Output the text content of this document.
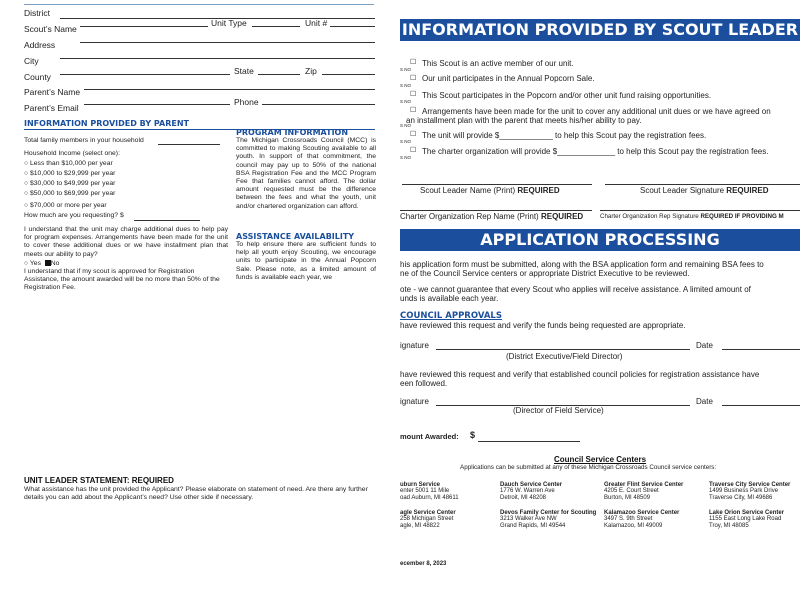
District
Scout’s Name
Unit Type	Unit #
Address
City
County
State	Zip
Parent’s Name
Parent’s Email
Phone
INFORMATION PROVIDED BY PARENT
Total family members in your household
Household Income (select one):
○ Less than $10,000 per year
○ $10,000 to $29,999 per year
○ $30,000 to $49,999 per year
○ $50,000 to $69,999 per year
○ $70,000 or more per year
How much are you requesting? $
I understand that the unit may charge additional dues to help pay for program expenses. Arrangements have been made for the unit to cover these additional dues or we have installment plan that meets our ability to pay?
○ Yes No
I understand that if my scout is approved for Registration Assistance, the amount awarded will be no more than 50% of the Registration Fee.
PROGRAM INFORMATION
The Michigan Crossroads Council (MCC) is committed to making Scouting available to all youth. In support of that commitment, the council may pay up to 50% of the national BSA Registration Fee and the MCC Program Fee that families cannot afford. The dollar amount requested must be the difference between the fees and what the youth, unit and/or chartered organization can afford.
ASSISTANCE AVAILABILITY
To help ensure there are sufficient funds to help all youth enjoy Scouting, we encourage units to participate in the Annual Popcorn Sale. Please note, as a limited amount of funds is available each year, we
UNIT LEADER STATEMENT: REQUIRED
What assistance has the unit provided the Applicant? Please elaborate on statement of need. Are there any further details you can add about the Applicant’s need? Use other side if necessary.
INFORMATION PROVIDED BY SCOUT LEADER
☐
S NO
This Scout is an active member of our unit.
☐
S NO
Our unit participates in the Annual Popcorn Sale.
☐
S NO
This Scout participates in the Popcorn and/or other unit fund raising opportunities.
☐
S NO
Arrangements have been made for the unit to cover any additional unit dues or we have agreed on
an installment plan with the parent that meets his/her ability to pay.
☐
S NO
The unit will provide $____________ to help this Scout pay the registration fees.
☐
S NO
The charter organization will provide $_____________ to help this Scout pay the registration fees.
Scout Leader Name (Print) REQUIRED	Scout Leader Signature REQUIRED
Charter Organization Rep Name (Print) REQUIRED	Charter Organization Rep Signature REQUIRED IF PROVIDING M
APPLICATION PROCESSING
his application form must be submitted, along with the BSA application form and remaining BSA fees to
ne of the Council Service centers or appropriate District Executive to be reviewed.
ote - we cannot guarantee that every Scout who applies will receive assistance. A limited amount of
unds is available each year.
COUNCIL APPROVALS
have reviewed this request and verify the funds being requested are appropriate.
ignature	Date
(District Executive/Field Director)
have reviewed this request and verify that established council policies for registration assistance have
een followed.
ignature	Date
(Director of Field Service)
mount Awarded: $
Council Service Centers
Applications can be submitted at any of these Michigan Crossroads Council service centers:
uburn Service
enter 5001 11 Mile
oad Auburn, MI 48611
Dauch Service Center
1776 W. Warren Ave
Detroit, MI 48208
Greater Flint Service Center
4205 E. Court Street
Burton, MI 48509
Traverse City Service Center
1499 Business Park Drive
Traverse City, MI 49686
agle Service Center
258 Michigan Street
agle, MI 48822
Devos Family Center for Scouting
3213 Walker Ave NW
Grand Rapids, MI 49544
Kalamazoo Service Center
3497 S. 9th Street
Kalamazoo, MI 49009
Lake Orion Service Center
1155 East Long Lake Road
Troy, MI 48085
ecember 8, 2023
